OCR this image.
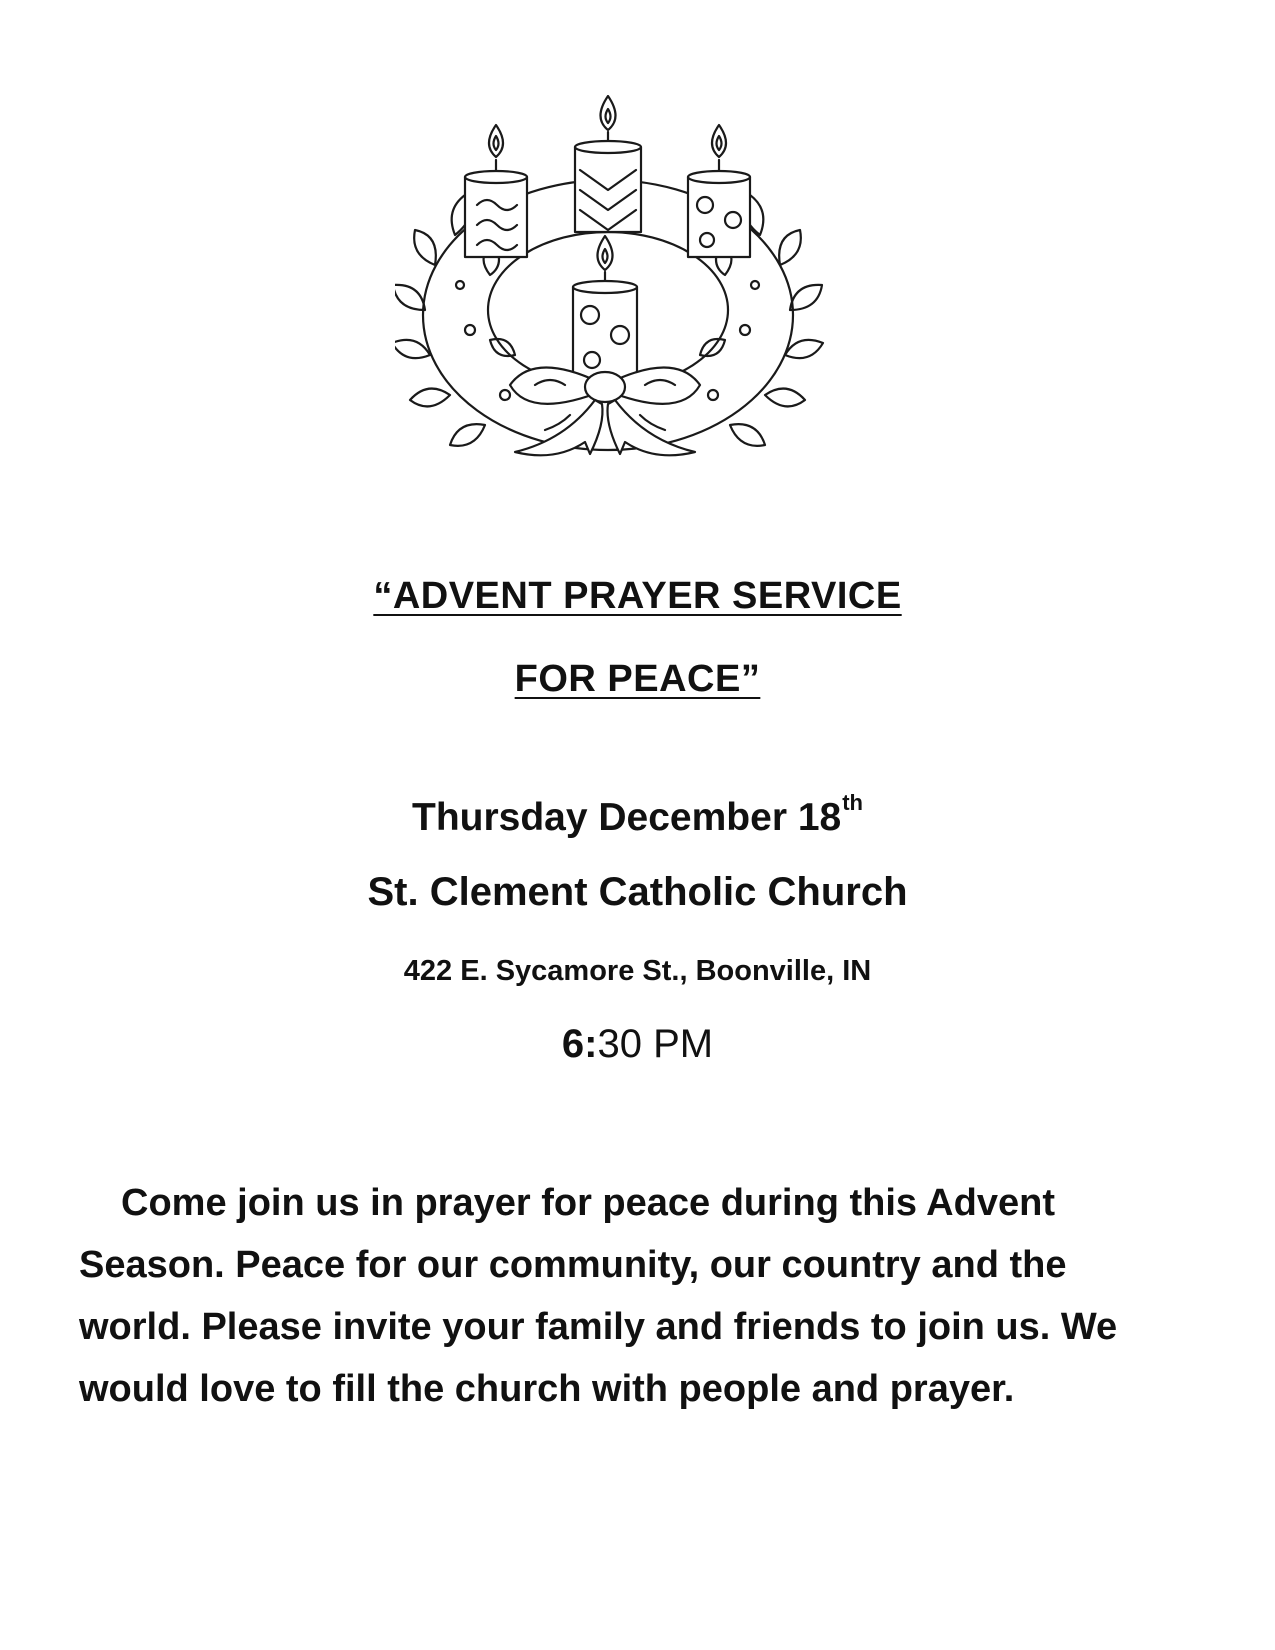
“ADVENT PRAYER SERVICE
FOR PEACE”
Thursday December 18th
St. Clement Catholic Church
422 E. Sycamore St., Boonville, IN
6:30 PM
Come join us in prayer for peace during this Advent Season. Peace for our community, our country and the world. Please invite your family and friends to join us. We would love to fill the church with people and prayer.
